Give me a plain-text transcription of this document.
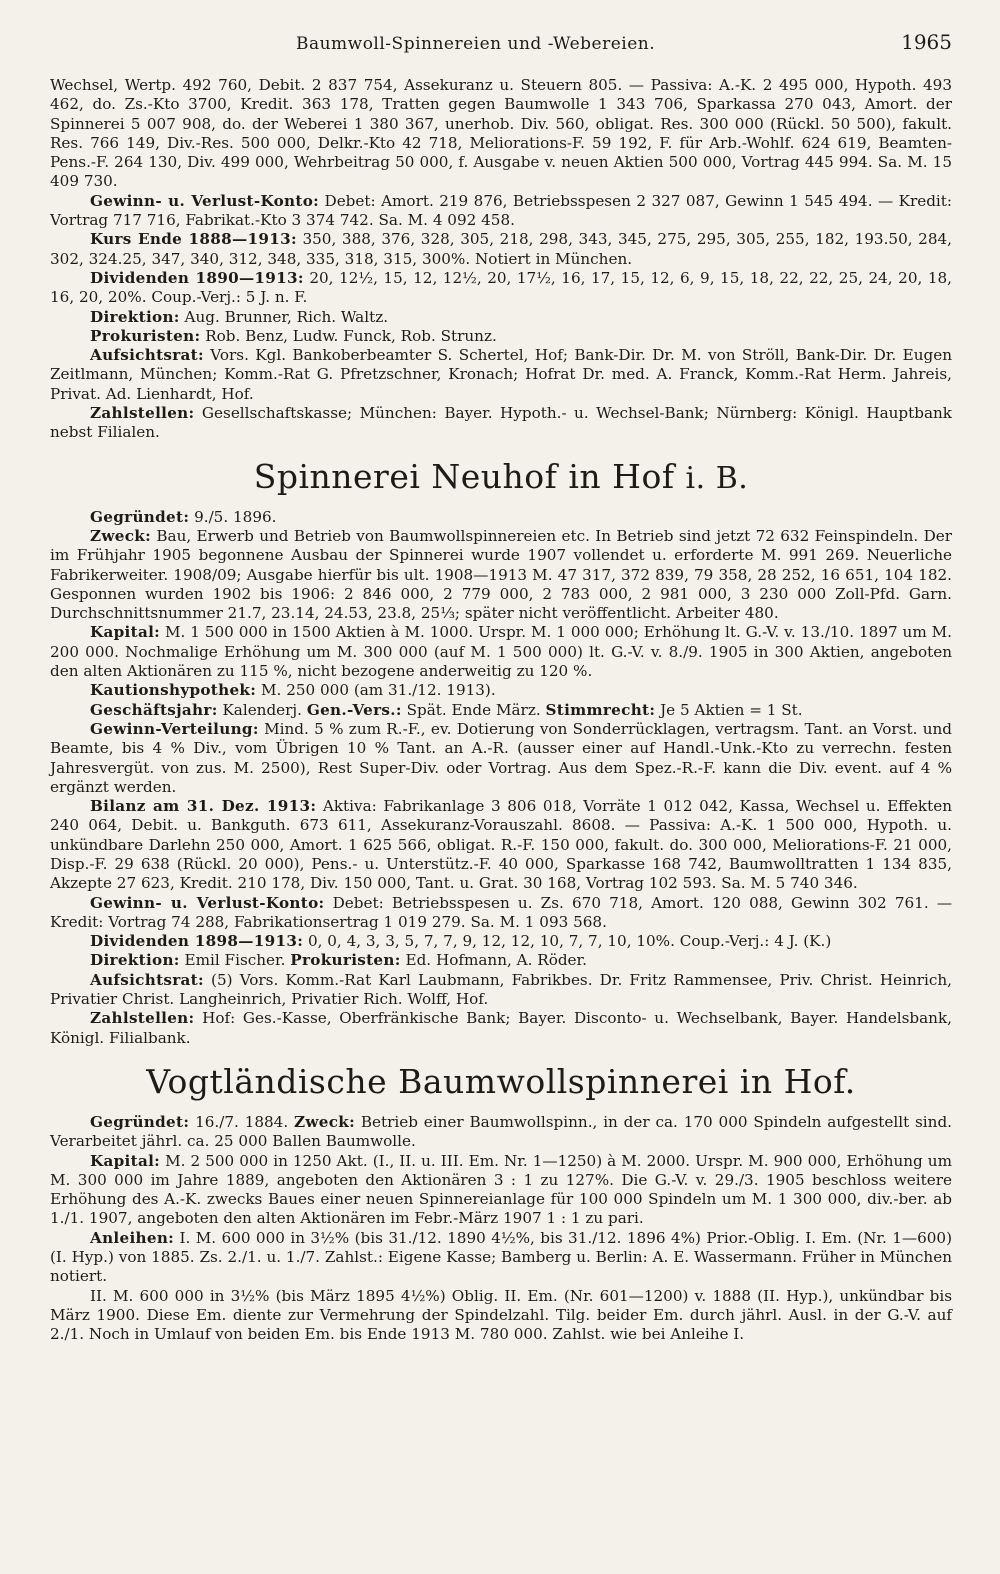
Baumwoll-Spinnereien und -Webereien.	1965

Wechsel, Wertp. 492 760, Debit. 2 837 754, Assekuranz u. Steuern 805. — Passiva: A.-K. 2 495 000, Hypoth. 493 462, do. Zs.-Kto 3700, Kredit. 363 178, Tratten gegen Baumwolle 1 343 706, Sparkassa 270 043, Amort. der Spinnerei 5 007 908, do. der Weberei 1 380 367, unerhob. Div. 560, obligat. Res. 300 000 (Rückl. 50 500), fakult. Res. 766 149, Div.-Res. 500 000, Delkr.-Kto 42 718, Meliorations-F. 59 192, F. für Arb.-Wohlf. 624 619, Beamten-Pens.-F. 264 130, Div. 499 000, Wehrbeitrag 50 000, f. Ausgabe v. neuen Aktien 500 000, Vortrag 445 994. Sa. M. 15 409 730.

Gewinn- u. Verlust-Konto: Debet: Amort. 219 876, Betriebsspesen 2 327 087, Gewinn 1 545 494. — Kredit: Vortrag 717 716, Fabrikat.-Kto 3 374 742. Sa. M. 4 092 458.

Kurs Ende 1888—1913: 350, 388, 376, 328, 305, 218, 298, 343, 345, 275, 295, 305, 255, 182, 193.50, 284, 302, 324.25, 347, 340, 312, 348, 335, 318, 315, 300%. Notiert in München.

Dividenden 1890—1913: 20, 12½, 15, 12, 12½, 20, 17½, 16, 17, 15, 12, 6, 9, 15, 18, 22, 22, 25, 24, 20, 18, 16, 20, 20%. Coup.-Verj.: 5 J. n. F.

Direktion: Aug. Brunner, Rich. Waltz.

Prokuristen: Rob. Benz, Ludw. Funck, Rob. Strunz.

Aufsichtsrat: Vors. Kgl. Bankoberbeamter S. Schertel, Hof; Bank-Dir. Dr. M. von Ströll, Bank-Dir. Dr. Eugen Zeitlmann, München; Komm.-Rat G. Pfretzschner, Kronach; Hofrat Dr. med. A. Franck, Komm.-Rat Herm. Jahreis, Privat. Ad. Lienhardt, Hof.

Zahlstellen: Gesellschaftskasse; München: Bayer. Hypoth.- u. Wechsel-Bank; Nürnberg: Königl. Hauptbank nebst Filialen.

Spinnerei Neuhof in Hof i. B.

Gegründet: 9./5. 1896.

Zweck: Bau, Erwerb und Betrieb von Baumwollspinnereien etc. In Betrieb sind jetzt 72 632 Feinspindeln. Der im Frühjahr 1905 begonnene Ausbau der Spinnerei wurde 1907 vollendet u. erforderte M. 991 269. Neuerliche Fabrikerweiter. 1908/09; Ausgabe hierfür bis ult. 1908—1913 M. 47 317, 372 839, 79 358, 28 252, 16 651, 104 182. Gesponnen wurden 1902 bis 1906: 2 846 000, 2 779 000, 2 783 000, 2 981 000, 3 230 000 Zoll-Pfd. Garn. Durchschnittsnummer 21.7, 23.14, 24.53, 23.8, 25⅓; später nicht veröffentlicht. Arbeiter 480.

Kapital: M. 1 500 000 in 1500 Aktien à M. 1000. Urspr. M. 1 000 000; Erhöhung lt. G.-V. v. 13./10. 1897 um M. 200 000. Nochmalige Erhöhung um M. 300 000 (auf M. 1 500 000) lt. G.-V. v. 8./9. 1905 in 300 Aktien, angeboten den alten Aktionären zu 115 %, nicht bezogene anderweitig zu 120 %.

Kautionshypothek: M. 250 000 (am 31./12. 1913).

Geschäftsjahr: Kalenderj. Gen.-Vers.: Spät. Ende März. Stimmrecht: Je 5 Aktien = 1 St.

Gewinn-Verteilung: Mind. 5 % zum R.-F., ev. Dotierung von Sonderrücklagen, vertragsm. Tant. an Vorst. und Beamte, bis 4 % Div., vom Übrigen 10 % Tant. an A.-R. (ausser einer auf Handl.-Unk.-Kto zu verrechn. festen Jahresvergüt. von zus. M. 2500), Rest Super-Div. oder Vortrag. Aus dem Spez.-R.-F. kann die Div. event. auf 4 % ergänzt werden.

Bilanz am 31. Dez. 1913: Aktiva: Fabrikanlage 3 806 018, Vorräte 1 012 042, Kassa, Wechsel u. Effekten 240 064, Debit. u. Bankguth. 673 611, Assekuranz-Vorauszahl. 8608. — Passiva: A.-K. 1 500 000, Hypoth. u. unkündbare Darlehn 250 000, Amort. 1 625 566, obligat. R.-F. 150 000, fakult. do. 300 000, Meliorations-F. 21 000, Disp.-F. 29 638 (Rückl. 20 000), Pens.- u. Unterstütz.-F. 40 000, Sparkasse 168 742, Baumwolltratten 1 134 835, Akzepte 27 623, Kredit. 210 178, Div. 150 000, Tant. u. Grat. 30 168, Vortrag 102 593. Sa. M. 5 740 346.

Gewinn- u. Verlust-Konto: Debet: Betriebsspesen u. Zs. 670 718, Amort. 120 088, Gewinn 302 761. — Kredit: Vortrag 74 288, Fabrikationsertrag 1 019 279. Sa. M. 1 093 568.

Dividenden 1898—1913: 0, 0, 4, 3, 3, 5, 7, 7, 9, 12, 12, 10, 7, 7, 10, 10%. Coup.-Verj.: 4 J. (K.)

Direktion: Emil Fischer. Prokuristen: Ed. Hofmann, A. Röder.

Aufsichtsrat: (5) Vors. Komm.-Rat Karl Laubmann, Fabrikbes. Dr. Fritz Rammensee, Priv. Christ. Heinrich, Privatier Christ. Langheinrich, Privatier Rich. Wolff, Hof.

Zahlstellen: Hof: Ges.-Kasse, Oberfränkische Bank; Bayer. Disconto- u. Wechselbank, Bayer. Handelsbank, Königl. Filialbank.

Vogtländische Baumwollspinnerei in Hof.

Gegründet: 16./7. 1884. Zweck: Betrieb einer Baumwollspinn., in der ca. 170 000 Spindeln aufgestellt sind. Verarbeitet jährl. ca. 25 000 Ballen Baumwolle.

Kapital: M. 2 500 000 in 1250 Akt. (I., II. u. III. Em. Nr. 1—1250) à M. 2000. Urspr. M. 900 000, Erhöhung um M. 300 000 im Jahre 1889, angeboten den Aktionären 3 : 1 zu 127%. Die G.-V. v. 29./3. 1905 beschloss weitere Erhöhung des A.-K. zwecks Baues einer neuen Spinnereianlage für 100 000 Spindeln um M. 1 300 000, div.-ber. ab 1./1. 1907, angeboten den alten Aktionären im Febr.-März 1907 1 : 1 zu pari.

Anleihen: I. M. 600 000 in 3½% (bis 31./12. 1890 4½%, bis 31./12. 1896 4%) Prior.-Oblig. I. Em. (Nr. 1—600) (I. Hyp.) von 1885. Zs. 2./1. u. 1./7. Zahlst.: Eigene Kasse; Bamberg u. Berlin: A. E. Wassermann. Früher in München notiert.

II. M. 600 000 in 3½% (bis März 1895 4½%) Oblig. II. Em. (Nr. 601—1200) v. 1888 (II. Hyp.), unkündbar bis März 1900. Diese Em. diente zur Vermehrung der Spindelzahl. Tilg. beider Em. durch jährl. Ausl. in der G.-V. auf 2./1. Noch in Umlauf von beiden Em. bis Ende 1913 M. 780 000. Zahlst. wie bei Anleihe I.
